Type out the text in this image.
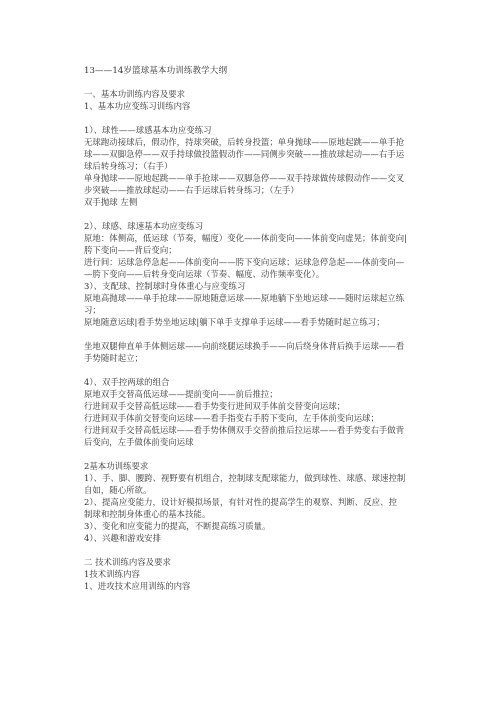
13——14岁篮球基本功训练教学大纲
一、基本功训练内容及要求
1、基本功应变练习训练内容
1）、球性——球感基本功应变练习
无球跑动接球后，假动作，持球突破，后转身投篮；单身抛球——原地起跳——单手抢
球——双脚急停——双手持球做投篮假动作——同侧步突破——推放球起动——右手运
球后转身练习；（右手）
单身抛球——原地起跳——单手抢球——双脚急停——双手持球做传球假动作——交叉
步突破——推放球起动——右手运球后转身练习；（左手）
双手抛球 左侧
2）、球感、球速基本功应变练习
原地：体侧高，低运球（节奏，幅度）变化——体前变向——体前变向虚晃；体前变向|
胯下变向——背后变向；
进行间：运球急停急起——体前变向——胯下变向运球；运球急停急起——体前变向—
—胯下变向——后转身变向运球（节奏、幅度、动作频率变化）。
3）、支配球、控制球时身体重心与应变练习
原地高抛球——单手抢球——原地随意运球——原地躺下坐地运球——随时运球起立练
习；
原地随意运球|看手势坐地运球|躺下单手支撑单手运球——看手势随时起立练习；
坐地双腿伸直单手体侧运球——向前绕腿运球换手——向后绕身体背后换手运球——看
手势随时起立；
4）、双手控两球的组合
原地双手交替高低运球——提前变向——前后推拉；
行进间双手交替高低运球——看手势变行进间双手体前交替变向运球；
行进间双手体前交替变向运球——看手指变右手胯下变向，左手体前变向运球；
行进间双手交替高低运球——看手势体侧双手交替前推后拉运球——看手势变右手做背
后变向，左手做体前变向运球
2基本功训练要求
1）、手、脚、腰跨、视野要有机组合，控制球支配球能力，做到球性、球感、球速控制
自如，随心所欲。
2）、提高应变能力，设计好模拟场景，有针对性的提高学生的观察、判断、反应、控
制球和控制身体重心的基本技能。
3）、变化和应变能力的提高，不断提高练习质量。
4）、兴趣和游戏安排
二 技术训练内容及要求
1技术训练内容
1、进攻技术应用训练的内容
